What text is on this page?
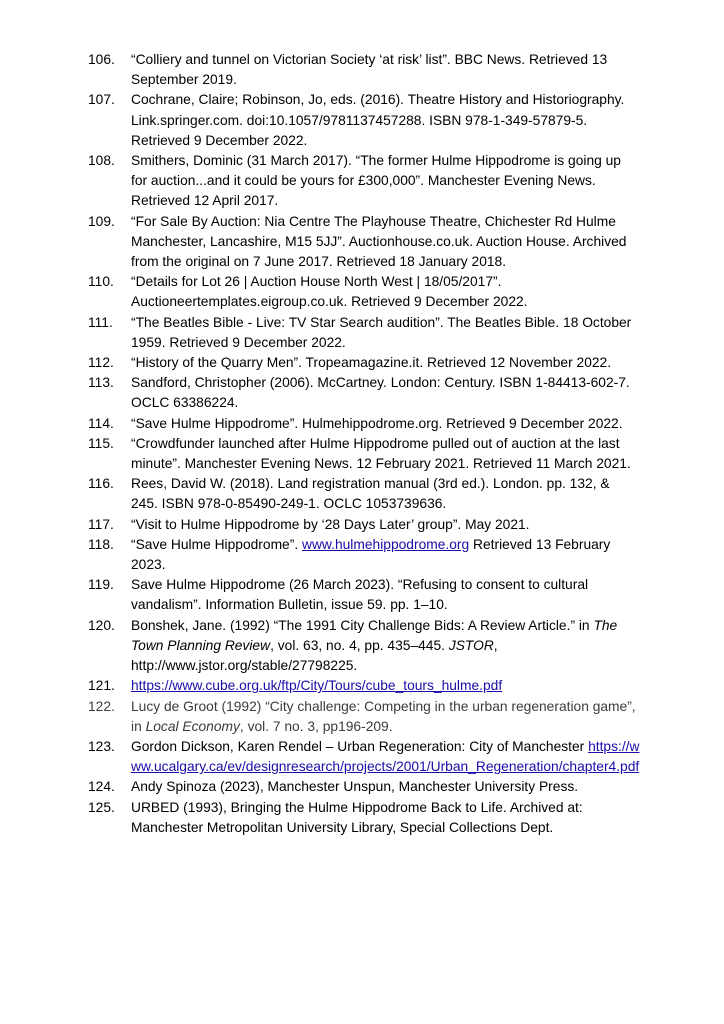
106. “Colliery and tunnel on Victorian Society ‘at risk’ list”. BBC News. Retrieved 13 September 2019.
107. Cochrane, Claire; Robinson, Jo, eds. (2016). Theatre History and Historiography. Link.springer.com. doi:10.1057/9781137457288. ISBN 978-1-349-57879-5. Retrieved 9 December 2022.
108. Smithers, Dominic (31 March 2017). “The former Hulme Hippodrome is going up for auction...and it could be yours for £300,000”. Manchester Evening News. Retrieved 12 April 2017.
109. “For Sale By Auction: Nia Centre The Playhouse Theatre, Chichester Rd Hulme Manchester, Lancashire, M15 5JJ”. Auctionhouse.co.uk. Auction House. Archived from the original on 7 June 2017. Retrieved 18 January 2018.
110. “Details for Lot 26 | Auction House North West | 18/05/2017”. Auctioneertemplates.eigroup.co.uk. Retrieved 9 December 2022.
111. “The Beatles Bible - Live: TV Star Search audition”. The Beatles Bible. 18 October 1959. Retrieved 9 December 2022.
112. “History of the Quarry Men”. Tropeamagazine.it. Retrieved 12 November 2022.
113. Sandford, Christopher (2006). McCartney. London: Century. ISBN 1-84413-602-7. OCLC 63386224.
114. “Save Hulme Hippodrome”. Hulmehippodrome.org. Retrieved 9 December 2022.
115. “Crowdfunder launched after Hulme Hippodrome pulled out of auction at the last minute”. Manchester Evening News. 12 February 2021. Retrieved 11 March 2021.
116. Rees, David W. (2018). Land registration manual (3rd ed.). London. pp. 132, & 245. ISBN 978-0-85490-249-1. OCLC 1053739636.
117. “Visit to Hulme Hippodrome by ‘28 Days Later’ group”. May 2021.
118. “Save Hulme Hippodrome”. www.hulmehippodrome.org Retrieved 13 February 2023.
119. Save Hulme Hippodrome (26 March 2023). “Refusing to consent to cultural vandalism”. Information Bulletin, issue 59. pp. 1–10.
120. Bonshek, Jane. (1992) “The 1991 City Challenge Bids: A Review Article.” in The Town Planning Review, vol. 63, no. 4, pp. 435–445. JSTOR, http://www.jstor.org/stable/27798225.
121. https://www.cube.org.uk/ftp/City/Tours/cube_tours_hulme.pdf
122. Lucy de Groot (1992) “City challenge: Competing in the urban regeneration game”, in Local Economy, vol. 7 no. 3, pp196-209.
123. Gordon Dickson, Karen Rendel – Urban Regeneration: City of Manchester https://www.ucalgary.ca/ev/designresearch/projects/2001/Urban_Regeneration/chapter4.pdf
124. Andy Spinoza (2023), Manchester Unspun, Manchester University Press.
125. URBED (1993), Bringing the Hulme Hippodrome Back to Life. Archived at: Manchester Metropolitan University Library, Special Collections Dept.
